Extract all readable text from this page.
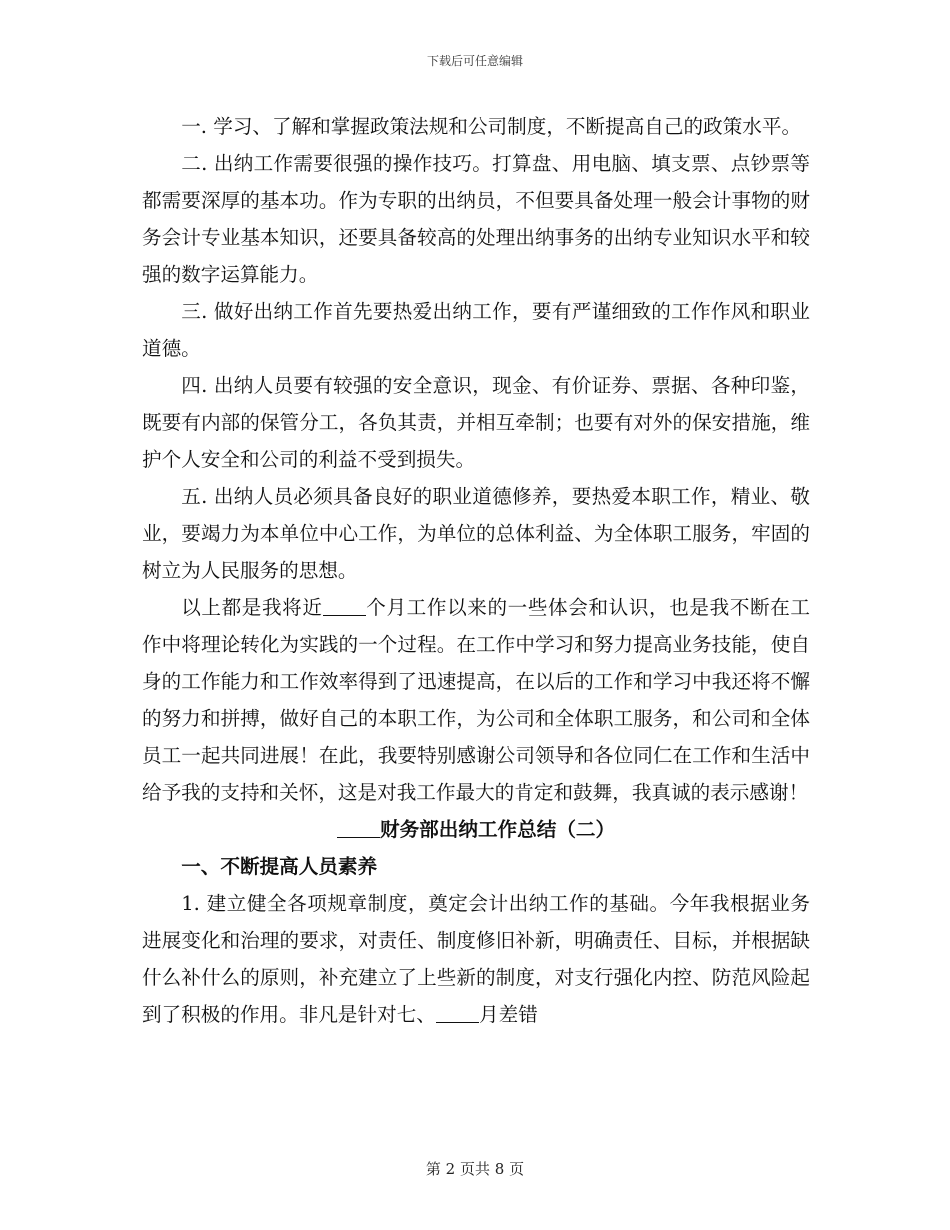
下载后可任意编辑

一. 学习、了解和掌握政策法规和公司制度，不断提高自己的政策水平。

二. 出纳工作需要很强的操作技巧。打算盘、用电脑、填支票、点钞票等都需要深厚的基本功。作为专职的出纳员，不但要具备处理一般会计事物的财务会计专业基本知识，还要具备较高的处理出纳事务的出纳专业知识水平和较强的数字运算能力。

三. 做好出纳工作首先要热爱出纳工作，要有严谨细致的工作作风和职业道德。

四. 出纳人员要有较强的安全意识，现金、有价证券、票据、各种印鉴，既要有内部的保管分工，各负其责，并相互牵制；也要有对外的保安措施，维护个人安全和公司的利益不受到损失。

五. 出纳人员必须具备良好的职业道德修养，要热爱本职工作，精业、敬业，要竭力为本单位中心工作，为单位的总体利益、为全体职工服务，牢固的树立为人民服务的思想。

以上都是我将近 个月工作以来的一些体会和认识，也是我不断在工作中将理论转化为实践的一个过程。在工作中学习和努力提高业务技能，使自身的工作能力和工作效率得到了迅速提高，在以后的工作和学习中我还将不懈的努力和拼搏，做好自己的本职工作，为公司和全体职工服务，和公司和全体员工一起共同进展！在此，我要特别感谢公司领导和各位同仁在工作和生活中给予我的支持和关怀，这是对我工作最大的肯定和鼓舞，我真诚的表示感谢！

财务部出纳工作总结（二）
一、不断提高人员素养

1. 建立健全各项规章制度，奠定会计出纳工作的基础。今年我根据业务进展变化和治理的要求，对责任、制度修旧补新，明确责任、目标，并根据缺什么补什么的原则，补充建立了上些新的制度，对支行强化内控、防范风险起到了积极的作用。非凡是针对七、 月差错

第 2 页共 8 页
